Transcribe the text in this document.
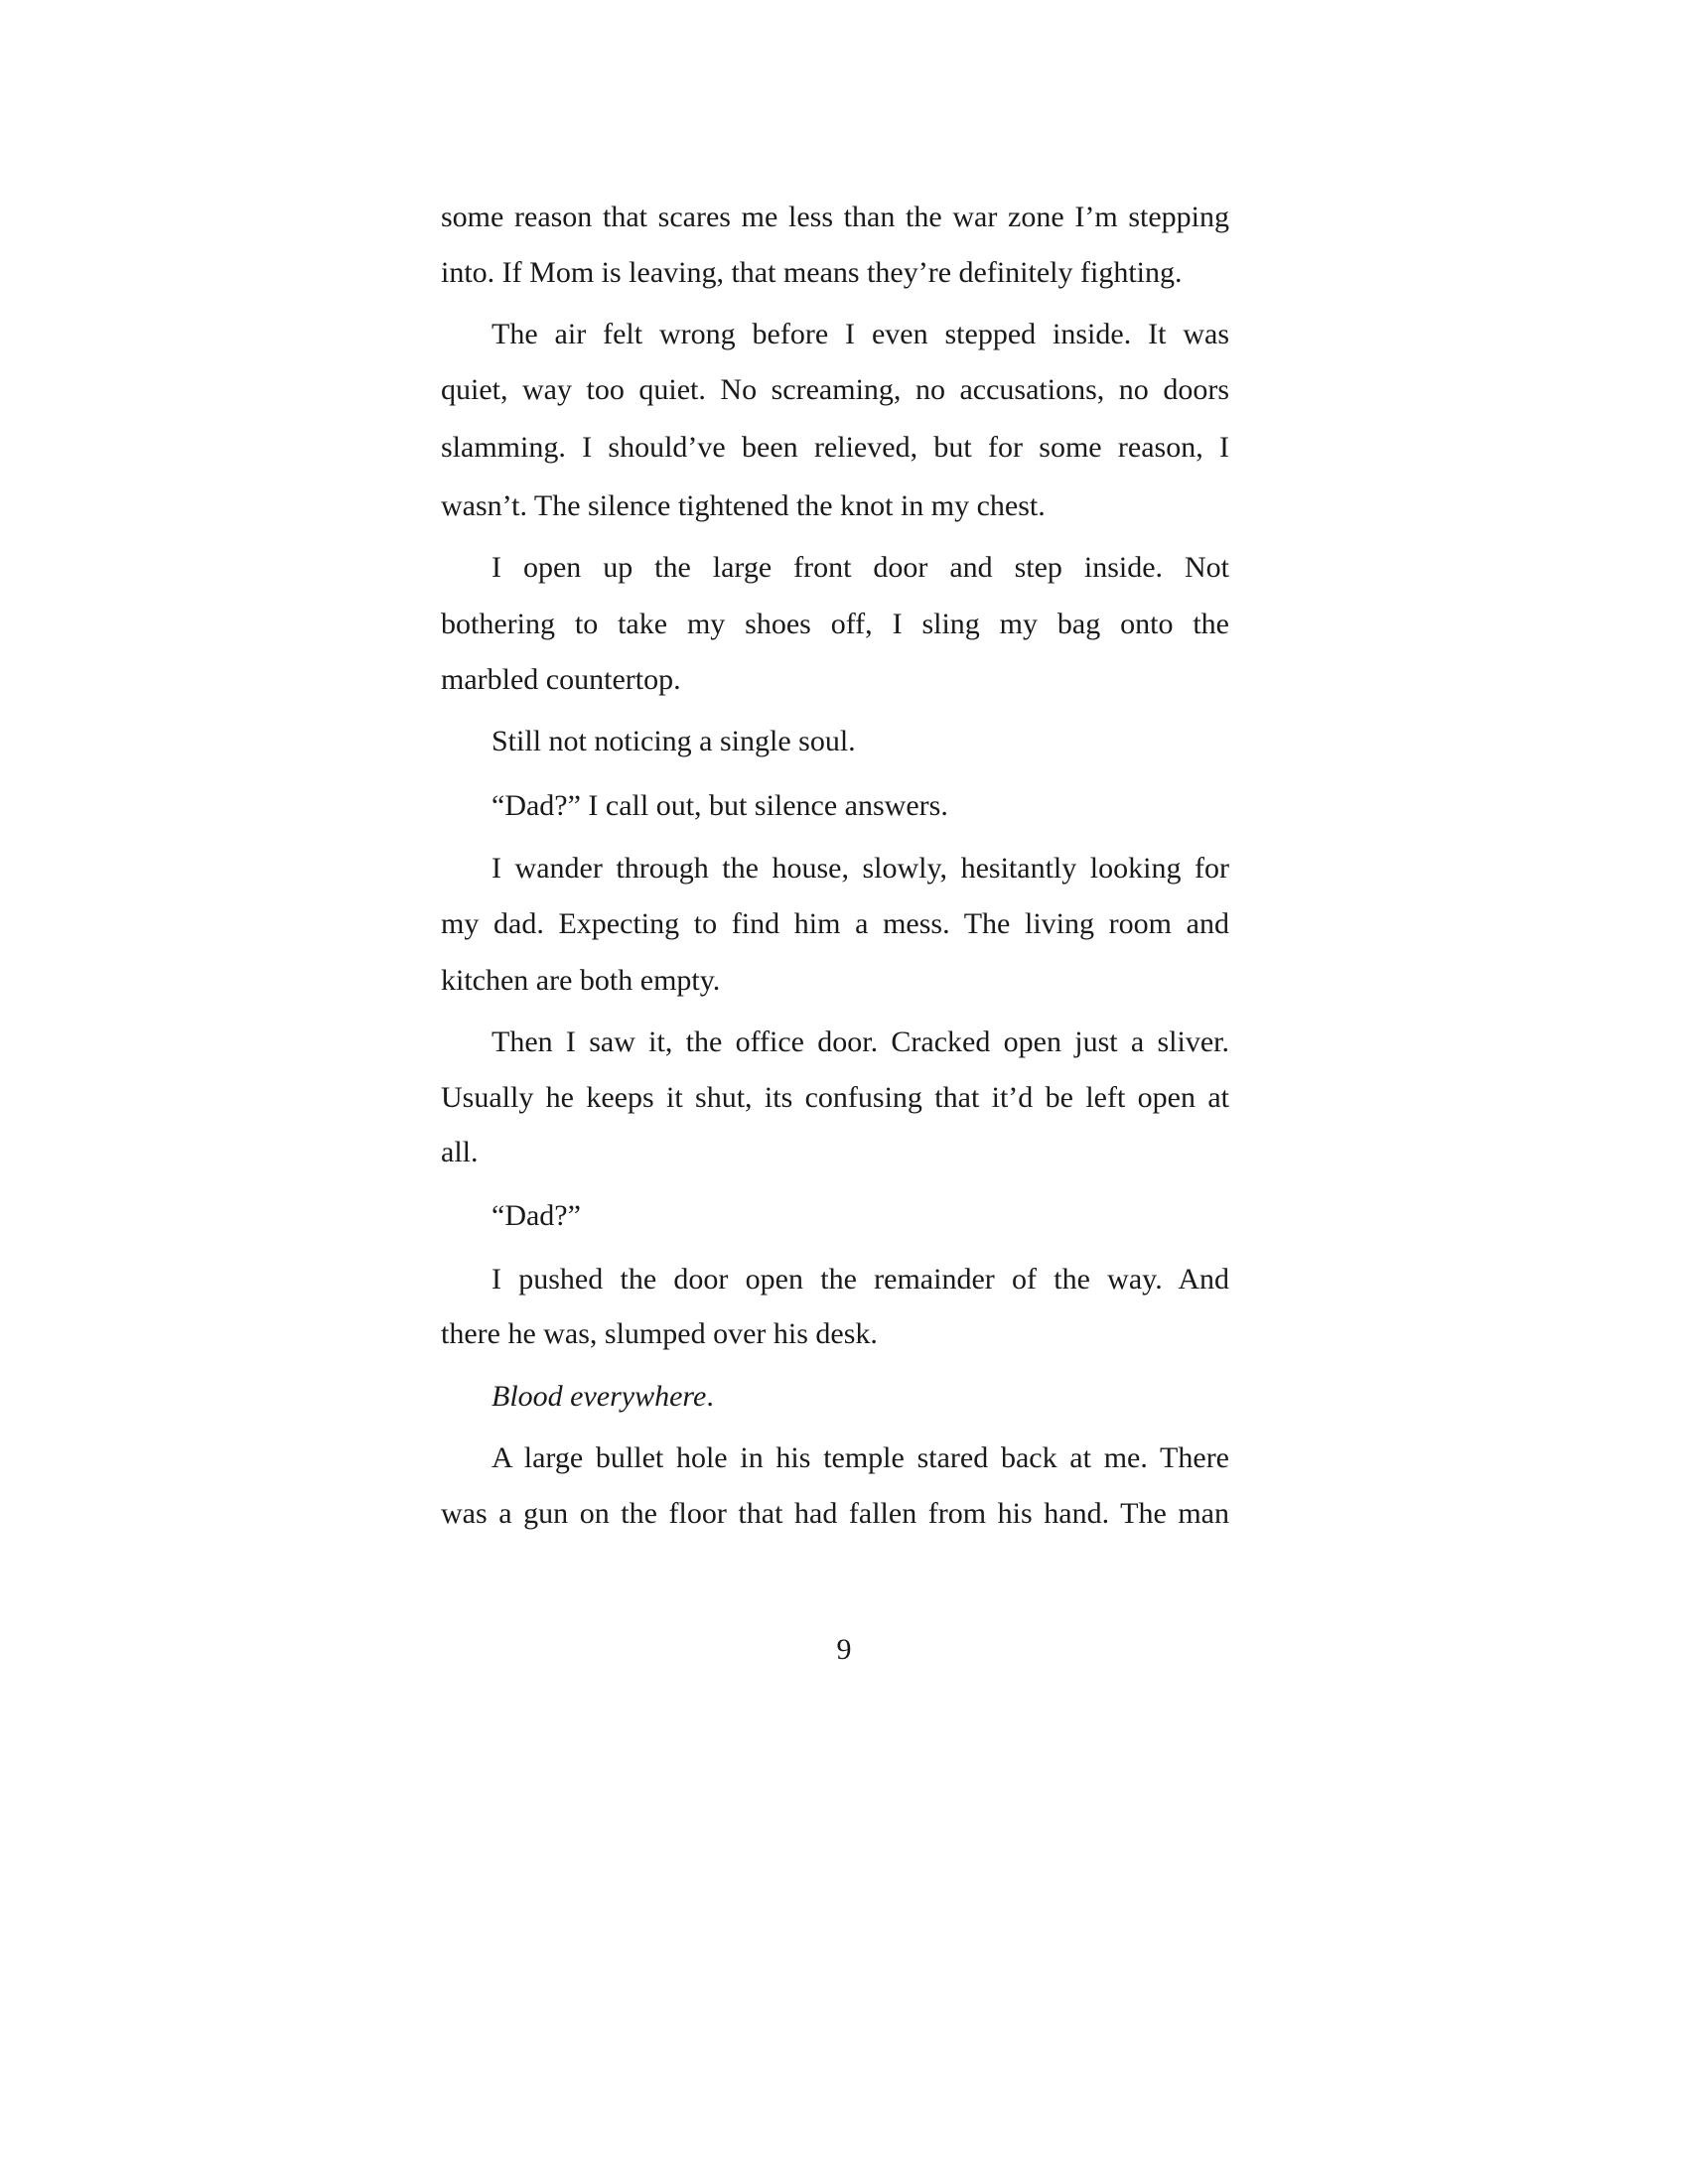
some reason that scares me less than the war zone I’m stepping
into. If Mom is leaving, that means they’re definitely fighting.
The air felt wrong before I even stepped inside. It was
quiet, way too quiet. No screaming, no accusations, no doors
slamming. I should’ve been relieved, but for some reason, I
wasn’t. The silence tightened the knot in my chest.
I open up the large front door and step inside. Not
bothering to take my shoes off, I sling my bag onto the
marbled countertop.
Still not noticing a single soul.
“Dad?” I call out, but silence answers.
I wander through the house, slowly, hesitantly looking for
my dad. Expecting to find him a mess. The living room and
kitchen are both empty.
Then I saw it, the office door. Cracked open just a sliver.
Usually he keeps it shut, its confusing that it’d be left open at
all.
“Dad?”
I pushed the door open the remainder of the way. And
there he was, slumped over his desk.
Blood everywhere.
A large bullet hole in his temple stared back at me. There
was a gun on the floor that had fallen from his hand. The man
9
